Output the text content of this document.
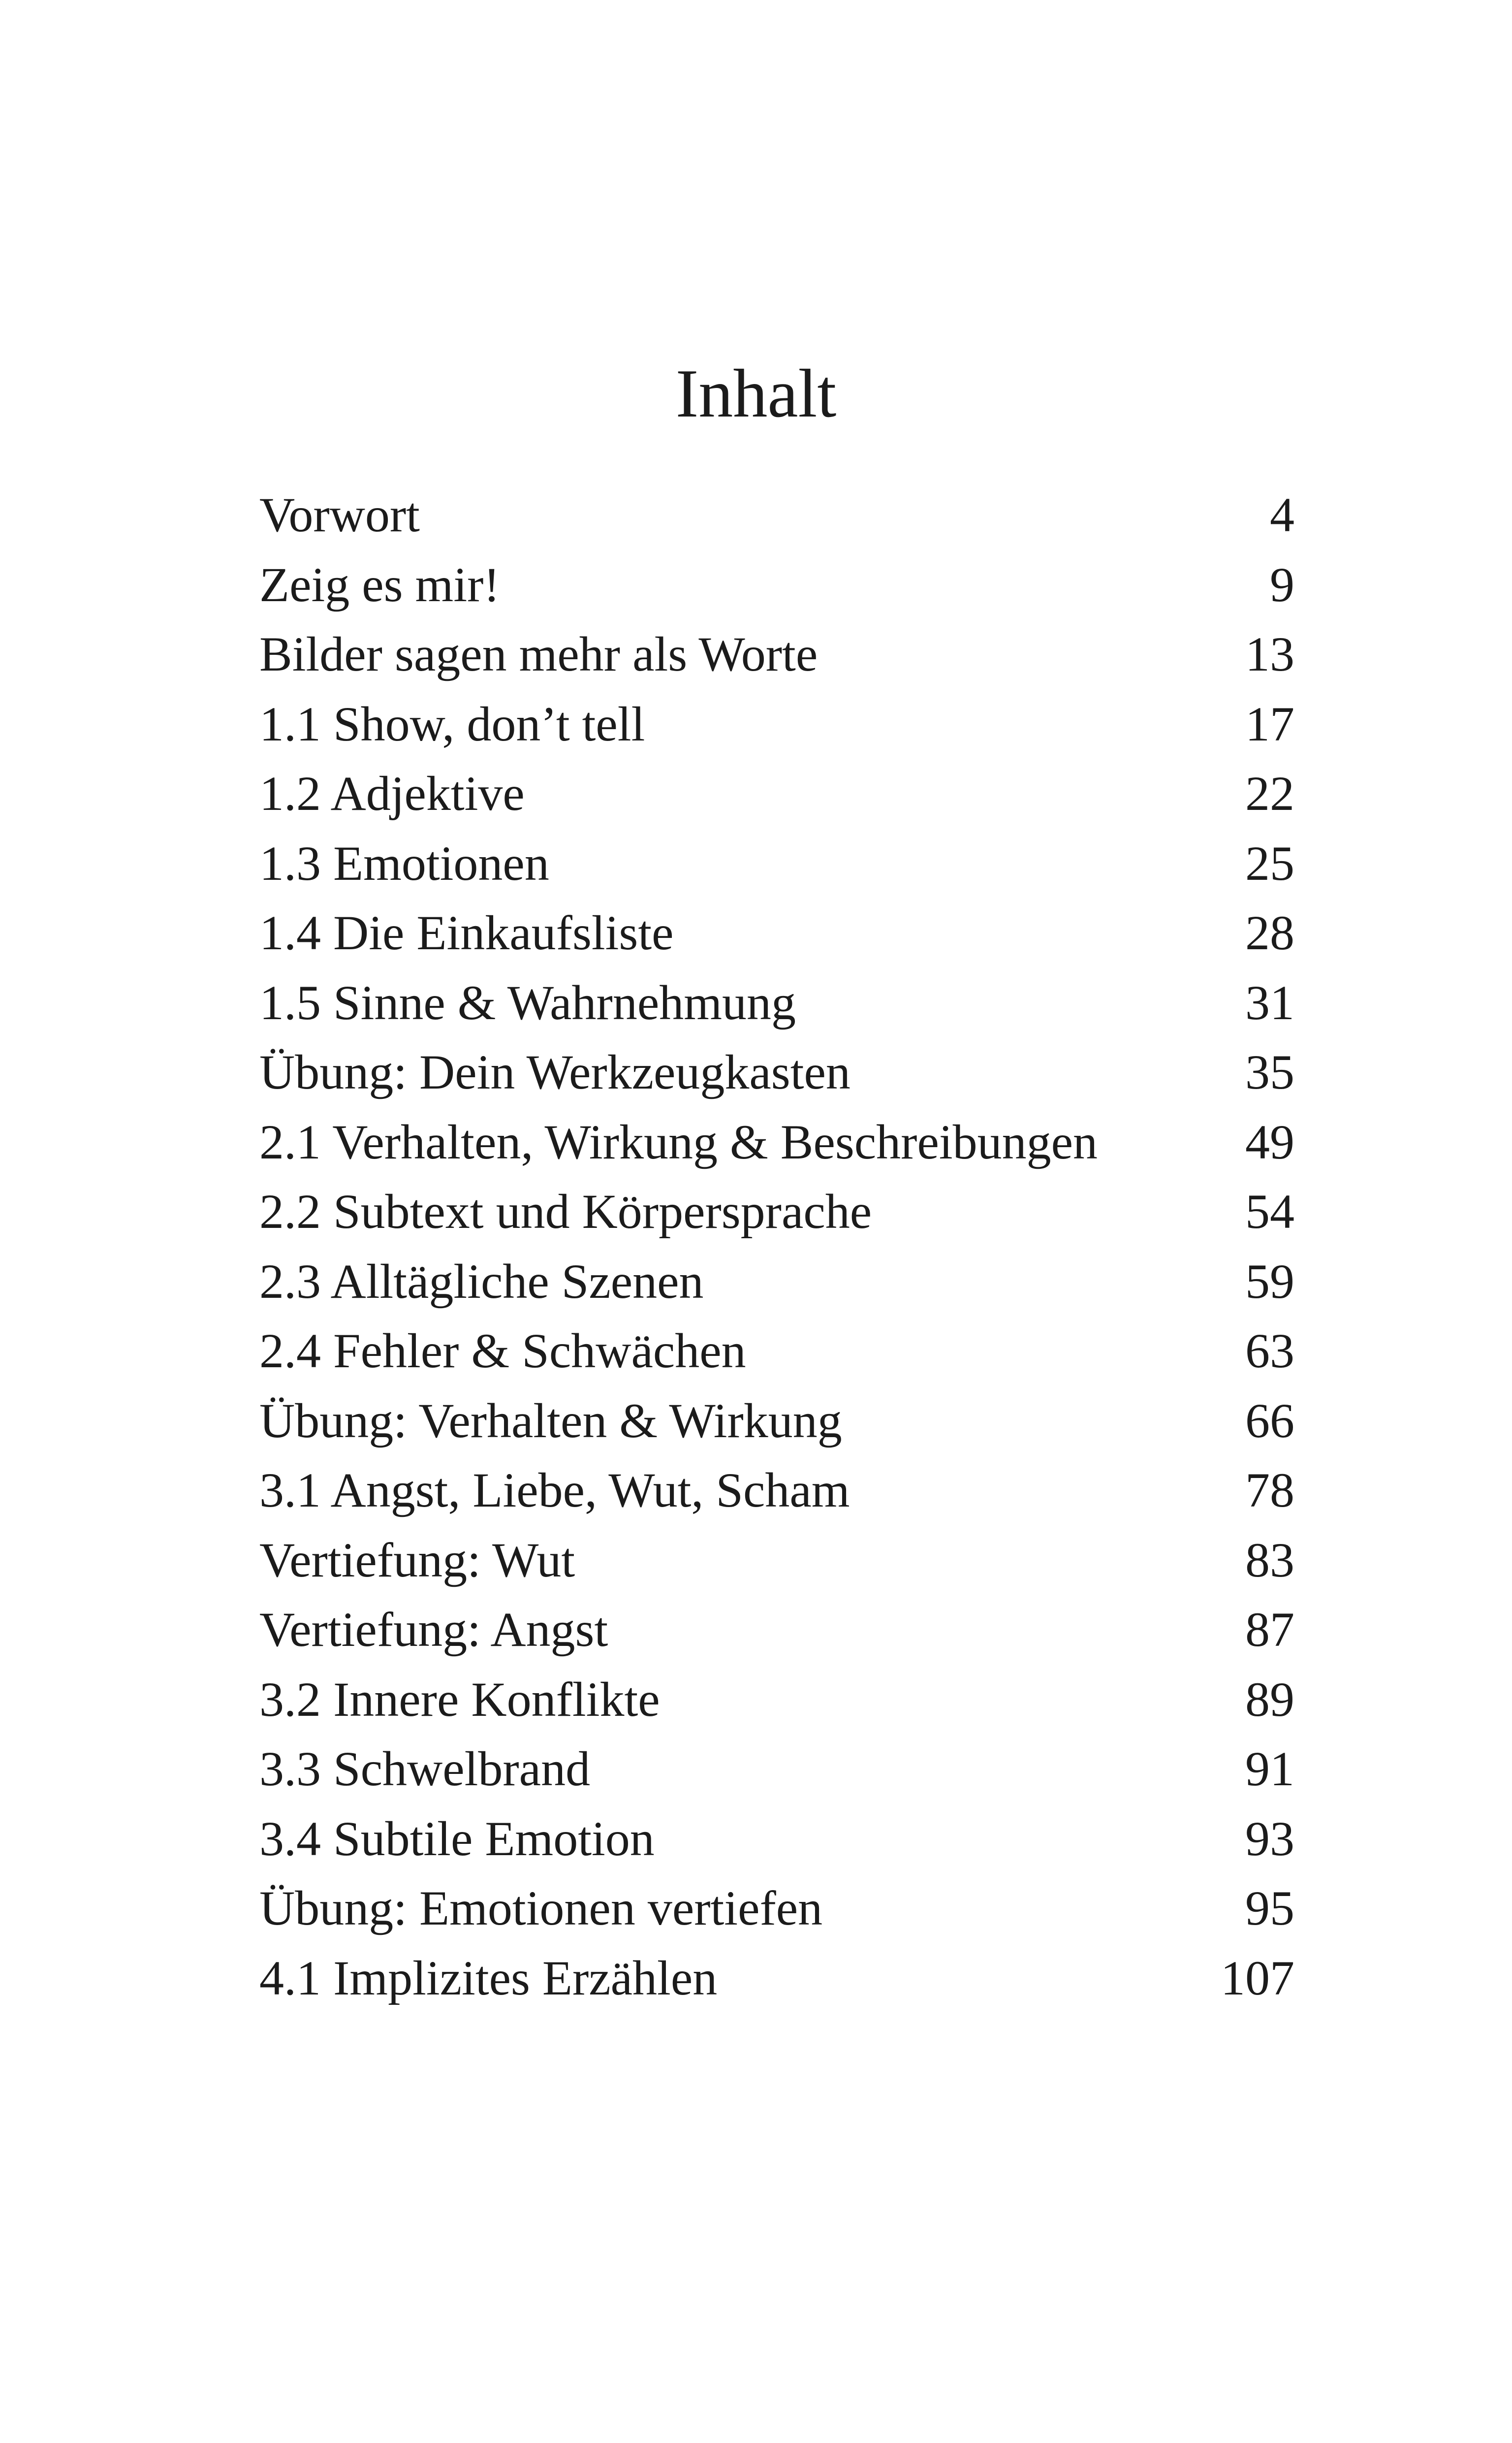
Inhalt
Vorwort	4
Zeig es mir!	9
Bilder sagen mehr als Worte	13
1.1 Show, don’t tell	17
1.2 Adjektive	22
1.3 Emotionen	25
1.4 Die Einkaufsliste	28
1.5 Sinne & Wahrnehmung	31
Übung: Dein Werkzeugkasten	35
2.1 Verhalten, Wirkung & Beschreibungen	49
2.2 Subtext und Körpersprache	54
2.3 Alltägliche Szenen	59
2.4 Fehler & Schwächen	63
Übung: Verhalten & Wirkung	66
3.1 Angst, Liebe, Wut, Scham	78
Vertiefung: Wut	83
Vertiefung: Angst	87
3.2 Innere Konflikte	89
3.3 Schwelbrand	91
3.4 Subtile Emotion	93
Übung: Emotionen vertiefen	95
4.1 Implizites Erzählen	107
